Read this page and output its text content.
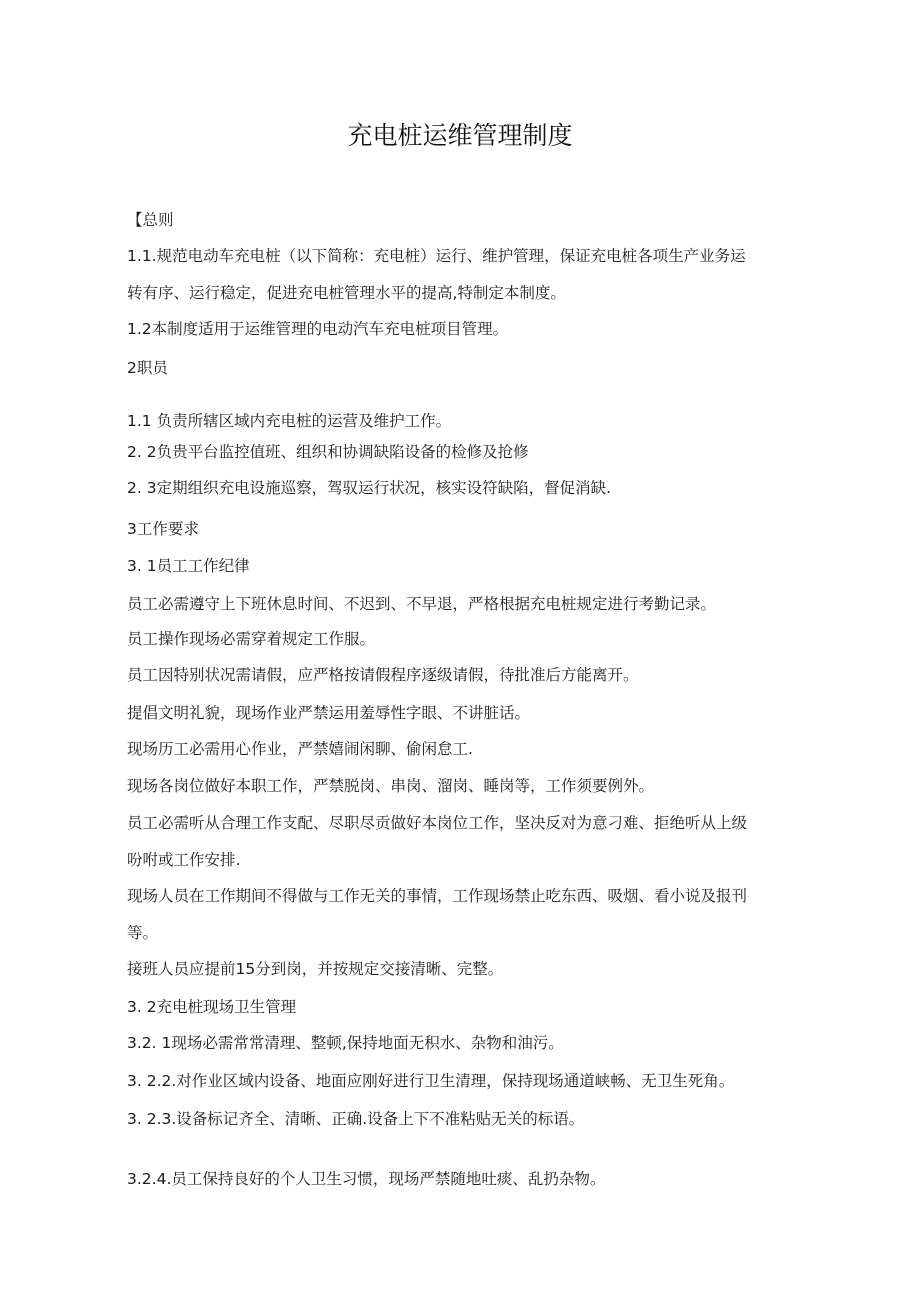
充电桩运维管理制度
【总则
1.1.规范电动车充电桩（以下简称：充电桩）运行、维护管理，保证充电桩各项生产业务运
转有序、运行稳定，促进充电桩管理水平的提高,特制定本制度。
1.2本制度适用于运维管理的电动汽车充电桩项目管理。
2职员
1.1 负责所辖区域内充电桩的运营及维护工作。
2. 2负贵平台监控值班、组织和协调缺陷设备的检修及抢修
2. 3定期组织充电设施巡察，驾驭运行状况，核实设符缺陷，督促消缺.
3工作要求
3. 1员工工作纪律
员工必需遵守上下班休息时间、不迟到、不早退，严格根据充电桩规定进行考勤记录。
员工操作现场必需穿着规定工作服。
员工因特别状况需请假，应严格按请假程序逐级请假，待批准后方能离开。
提倡文明礼貌，现场作业严禁运用羞辱性字眼、不讲脏话。
现场历工必需用心作业，严禁嬉闹闲聊、偷闲怠工.
现场各岗位做好本职工作，严禁脱岗、串岗、溜岗、睡岗等，工作须要例外。
员工必需听从合理工作支配、尽职尽贡做好本岗位工作，坚决反对为意刁难、拒绝听从上级
吩咐或工作安排.
现场人员在工作期间不得做与工作无关的事情，工作现场禁止吃东西、吸烟、看小说及报刊
等。
接班人员应提前15分到岗，并按规定交接清晰、完整。
3. 2充电桩现场卫生管理
3.2. 1现场必需常常清理、整顿,保持地面无积水、杂物和油污。
3. 2.2.对作业区域内设备、地面应刚好进行卫生清理，保持现场通道峡畅、无卫生死角。
3. 2.3.设备标记齐全、清晰、正确.设备上下不准粘贴无关的标语。
3.2.4.员工保持良好的个人卫生习惯，现场严禁随地吐痰、乱扔杂物。
